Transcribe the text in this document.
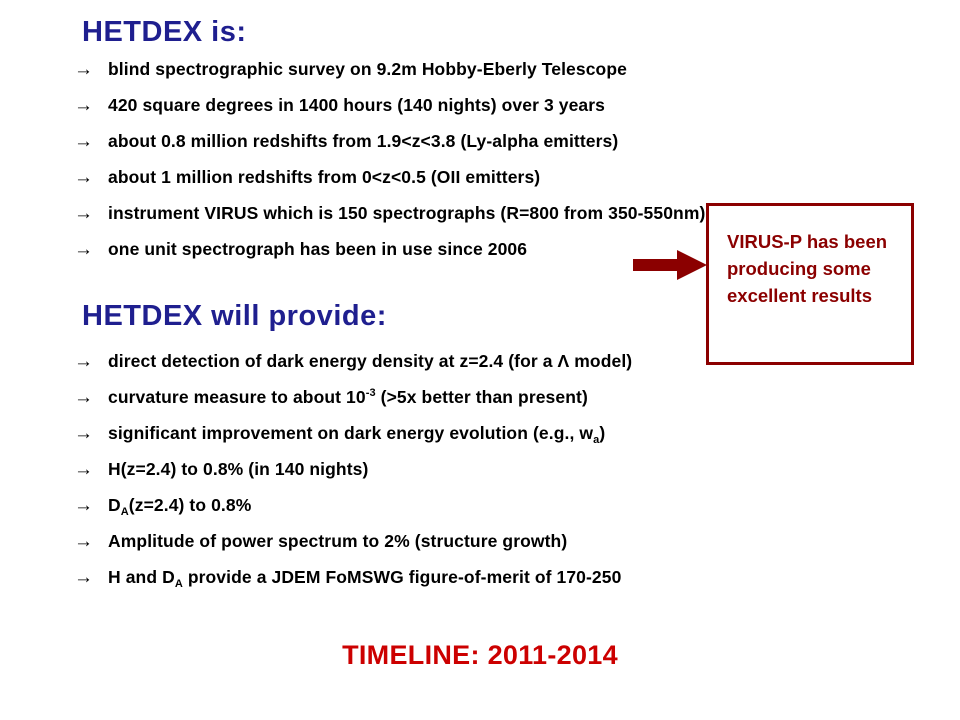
HETDEX is:
→ blind spectrographic survey on 9.2m Hobby-Eberly Telescope
→ 420 square degrees in 1400 hours (140 nights) over 3 years
→ about 0.8 million redshifts from 1.9<z<3.8 (Ly-alpha emitters)
→ about 1 million redshifts from 0<z<0.5 (OII emitters)
→ instrument VIRUS which is 150 spectrographs (R=800 from 350-550nm)
→ one unit spectrograph has been in use since 2006	VIRUS-P has been producing some excellent results
HETDEX will provide:
→ direct detection of dark energy density at z=2.4 (for a Λ model)
→ curvature measure to about $10^{-3}$ (>5x better than present)
→ significant improvement on dark energy evolution (e.g., $w_a$)
→ H(z=2.4) to 0.8% (in 140 nights)
→ $D_A(z=2.4)$ to 0.8%
→ Amplitude of power spectrum to 2% (structure growth)
→ H and $D_A$ provide a JDEM FoMSWG figure-of-merit of 170-250
TIMELINE: 2011-2014
